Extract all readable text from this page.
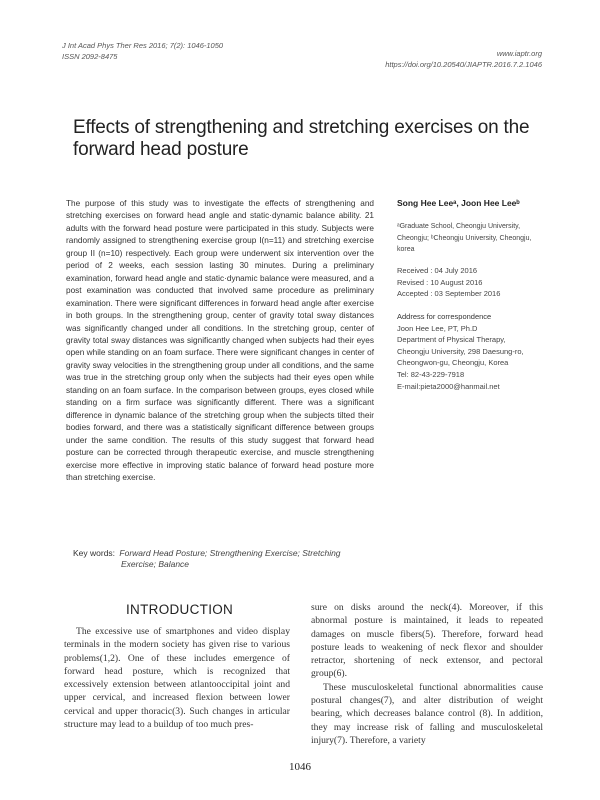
J Int Acad Phys Ther Res 2016; 7(2): 1046-1050
ISSN 2092-8475	www.iaptr.org
https://doi.org/10.20540/JIAPTR.2016.7.2.1046
Effects of strengthening and stretching exercises on the forward head posture
The purpose of this study was to investigate the effects of strengthening and stretching exercises on forward head angle and static·dynamic balance ability. 21 adults with the forward head posture were participated in this study. Subjects were randomly assigned to strengthening exercise group I(n=11) and stretching exercise group II (n=10) respectively. Each group were underwent six intervention over the period of 2 weeks, each session lasting 30 minutes. During a preliminary examination, forward head angle and static·dynamic balance were measured, and a post examination was conducted that involved same procedure as preliminary examination. There were significant differences in forward head angle after exercise in both groups. In the strengthening group, center of gravity total sway distances was significantly changed under all conditions. In the stretching group, center of gravity total sway distances was significantly changed when subjects had their eyes open while standing on an foam surface. There were significant changes in center of gravity sway velocities in the strengthening group under all conditions, and the same was true in the stretching group only when the subjects had their eyes open while standing on an foam surface. In the comparison between groups, eyes closed while standing on a firm surface was significantly different. There was a significant difference in dynamic balance of the stretching group when the subjects tilted their bodies forward, and there was a statistically significant difference between groups under the same condition. The results of this study suggest that forward head posture can be corrected through therapeutic exercise, and muscle strengthening exercise more effective in improving static balance of forward head posture more than stretching exercise.
Song Hee Leeᵃ, Joon Hee Leeᵇ
ᵃGraduate School, Cheongju University,
Cheongju; ᵇCheongju University, Cheongju,
korea
Received : 04 July 2016
Revised : 10 August 2016
Accepted : 03 September 2016
Address for correspondence
Joon Hee Lee, PT, Ph.D
Department of Physical Therapy,
Cheongju University, 298 Daesung-ro,
Cheongwon-gu, Cheongju, Korea
Tel: 82-43-229-7918
E-mail:pieta2000@hanmail.net
Key words: Forward Head Posture; Strengthening Exercise; Stretching
Exercise; Balance
INTRODUCTION

The excessive use of smartphones and video display terminals in the modern society has given rise to various problems(1,2). One of these includes emergence of forward head posture, which is recognized that excessively extension between atlantooccipital joint and upper cervical, and increased flexion between lower cervical and upper thoracic(3). Such changes in articular structure may lead to a buildup of too much pres-

sure on disks around the neck(4). Moreover, if this abnormal posture is maintained, it leads to repeated damages on muscle fibers(5). Therefore, forward head posture leads to weakening of neck flexor and shoulder retractor, shortening of neck extensor, and pectoral group(6).

These musculoskeletal functional abnormalities cause postural changes(7), and alter distribution of weight bearing, which decreases balance control (8). In addition, they may increase risk of falling and musculoskeletal injury(7). Therefore, a variety

1046
